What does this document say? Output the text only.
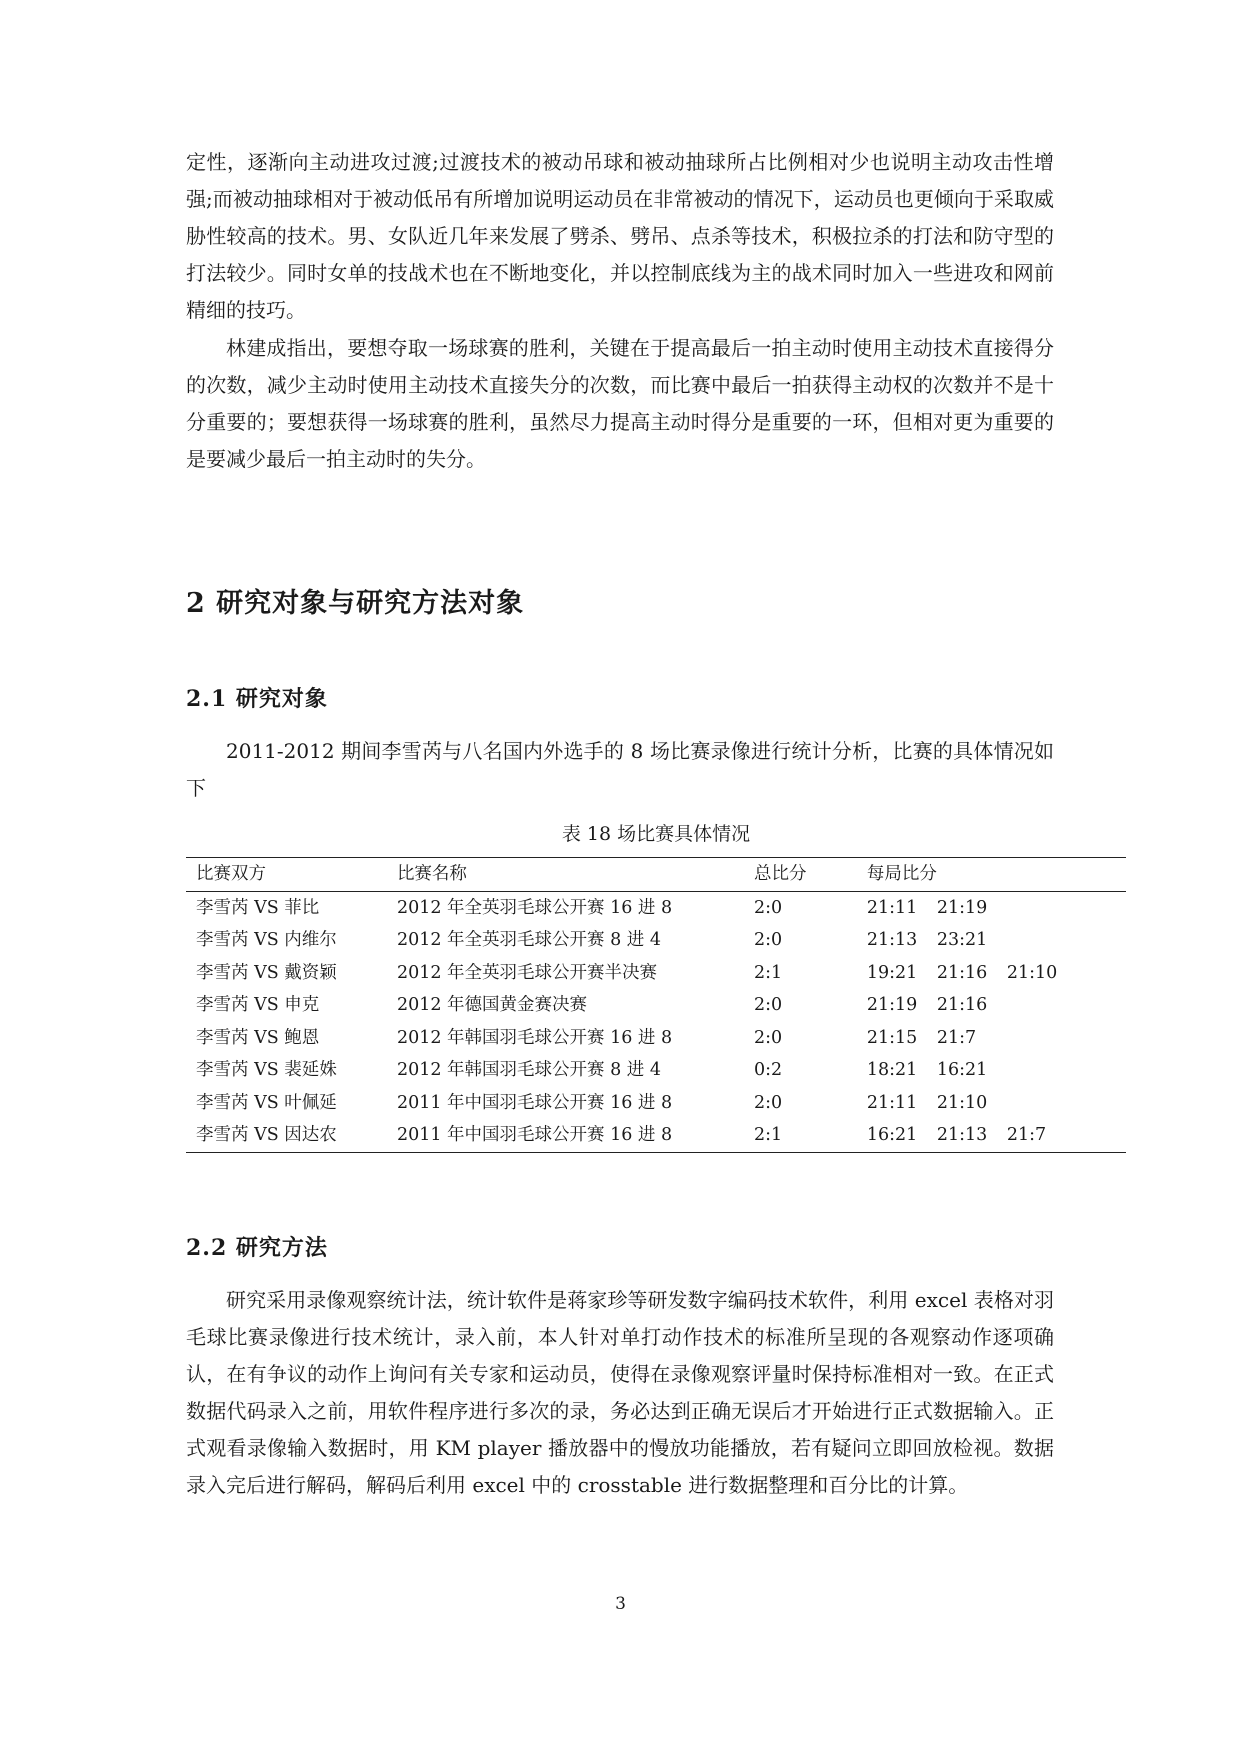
定性，逐渐向主动进攻过渡;过渡技术的被动吊球和被动抽球所占比例相对少也说明主动攻击性增强;而被动抽球相对于被动低吊有所增加说明运动员在非常被动的情况下，运动员也更倾向于采取威胁性较高的技术。男、女队近几年来发展了劈杀、劈吊、点杀等技术，积极拉杀的打法和防守型的打法较少。同时女单的技战术也在不断地变化，并以控制底线为主的战术同时加入一些进攻和网前精细的技巧。

林建成指出，要想夺取一场球赛的胜利，关键在于提高最后一拍主动时使用主动技术直接得分的次数，减少主动时使用主动技术直接失分的次数，而比赛中最后一拍获得主动权的次数并不是十分重要的；要想获得一场球赛的胜利，虽然尽力提高主动时得分是重要的一环，但相对更为重要的是要减少最后一拍主动时的失分。

2 研究对象与研究方法对象
2.1 研究对象

2011-2012 期间李雪芮与八名国内外选手的 8 场比赛录像进行统计分析，比赛的具体情况如下

表 18 场比赛具体情况

比赛双方	比赛名称	总比分	每局比分
李雪芮 VS 菲比	2012 年全英羽毛球公开赛 16 进 8	2:0	21:11 21:19
李雪芮 VS 内维尔	2012 年全英羽毛球公开赛 8 进 4	2:0	21:13 23:21
李雪芮 VS 戴资颖	2012 年全英羽毛球公开赛半决赛	2:1	19:21 21:16 21:10
李雪芮 VS 申克	2012 年德国黄金赛决赛	2:0	21:19 21:16
李雪芮 VS 鲍恩	2012 年韩国羽毛球公开赛 16 进 8	2:0	21:15 21:7
李雪芮 VS 裴延姝	2012 年韩国羽毛球公开赛 8 进 4	0:2	18:21 16:21
李雪芮 VS 叶佩延	2011 年中国羽毛球公开赛 16 进 8	2:0	21:11 21:10
李雪芮 VS 因达农	2011 年中国羽毛球公开赛 16 进 8	2:1	16:21 21:13 21:7
2.2 研究方法

研究采用录像观察统计法，统计软件是蒋家珍等研发数字编码技术软件，利用 excel 表格对羽毛球比赛录像进行技术统计，录入前，本人针对单打动作技术的标准所呈现的各观察动作逐项确认，在有争议的动作上询问有关专家和运动员，使得在录像观察评量时保持标准相对一致。在正式数据代码录入之前，用软件程序进行多次的录，务必达到正确无误后才开始进行正式数据输入。正式观看录像输入数据时，用 KM player 播放器中的慢放功能播放，若有疑问立即回放检视。数据录入完后进行解码，解码后利用 excel 中的 crosstable 进行数据整理和百分比的计算。

3
